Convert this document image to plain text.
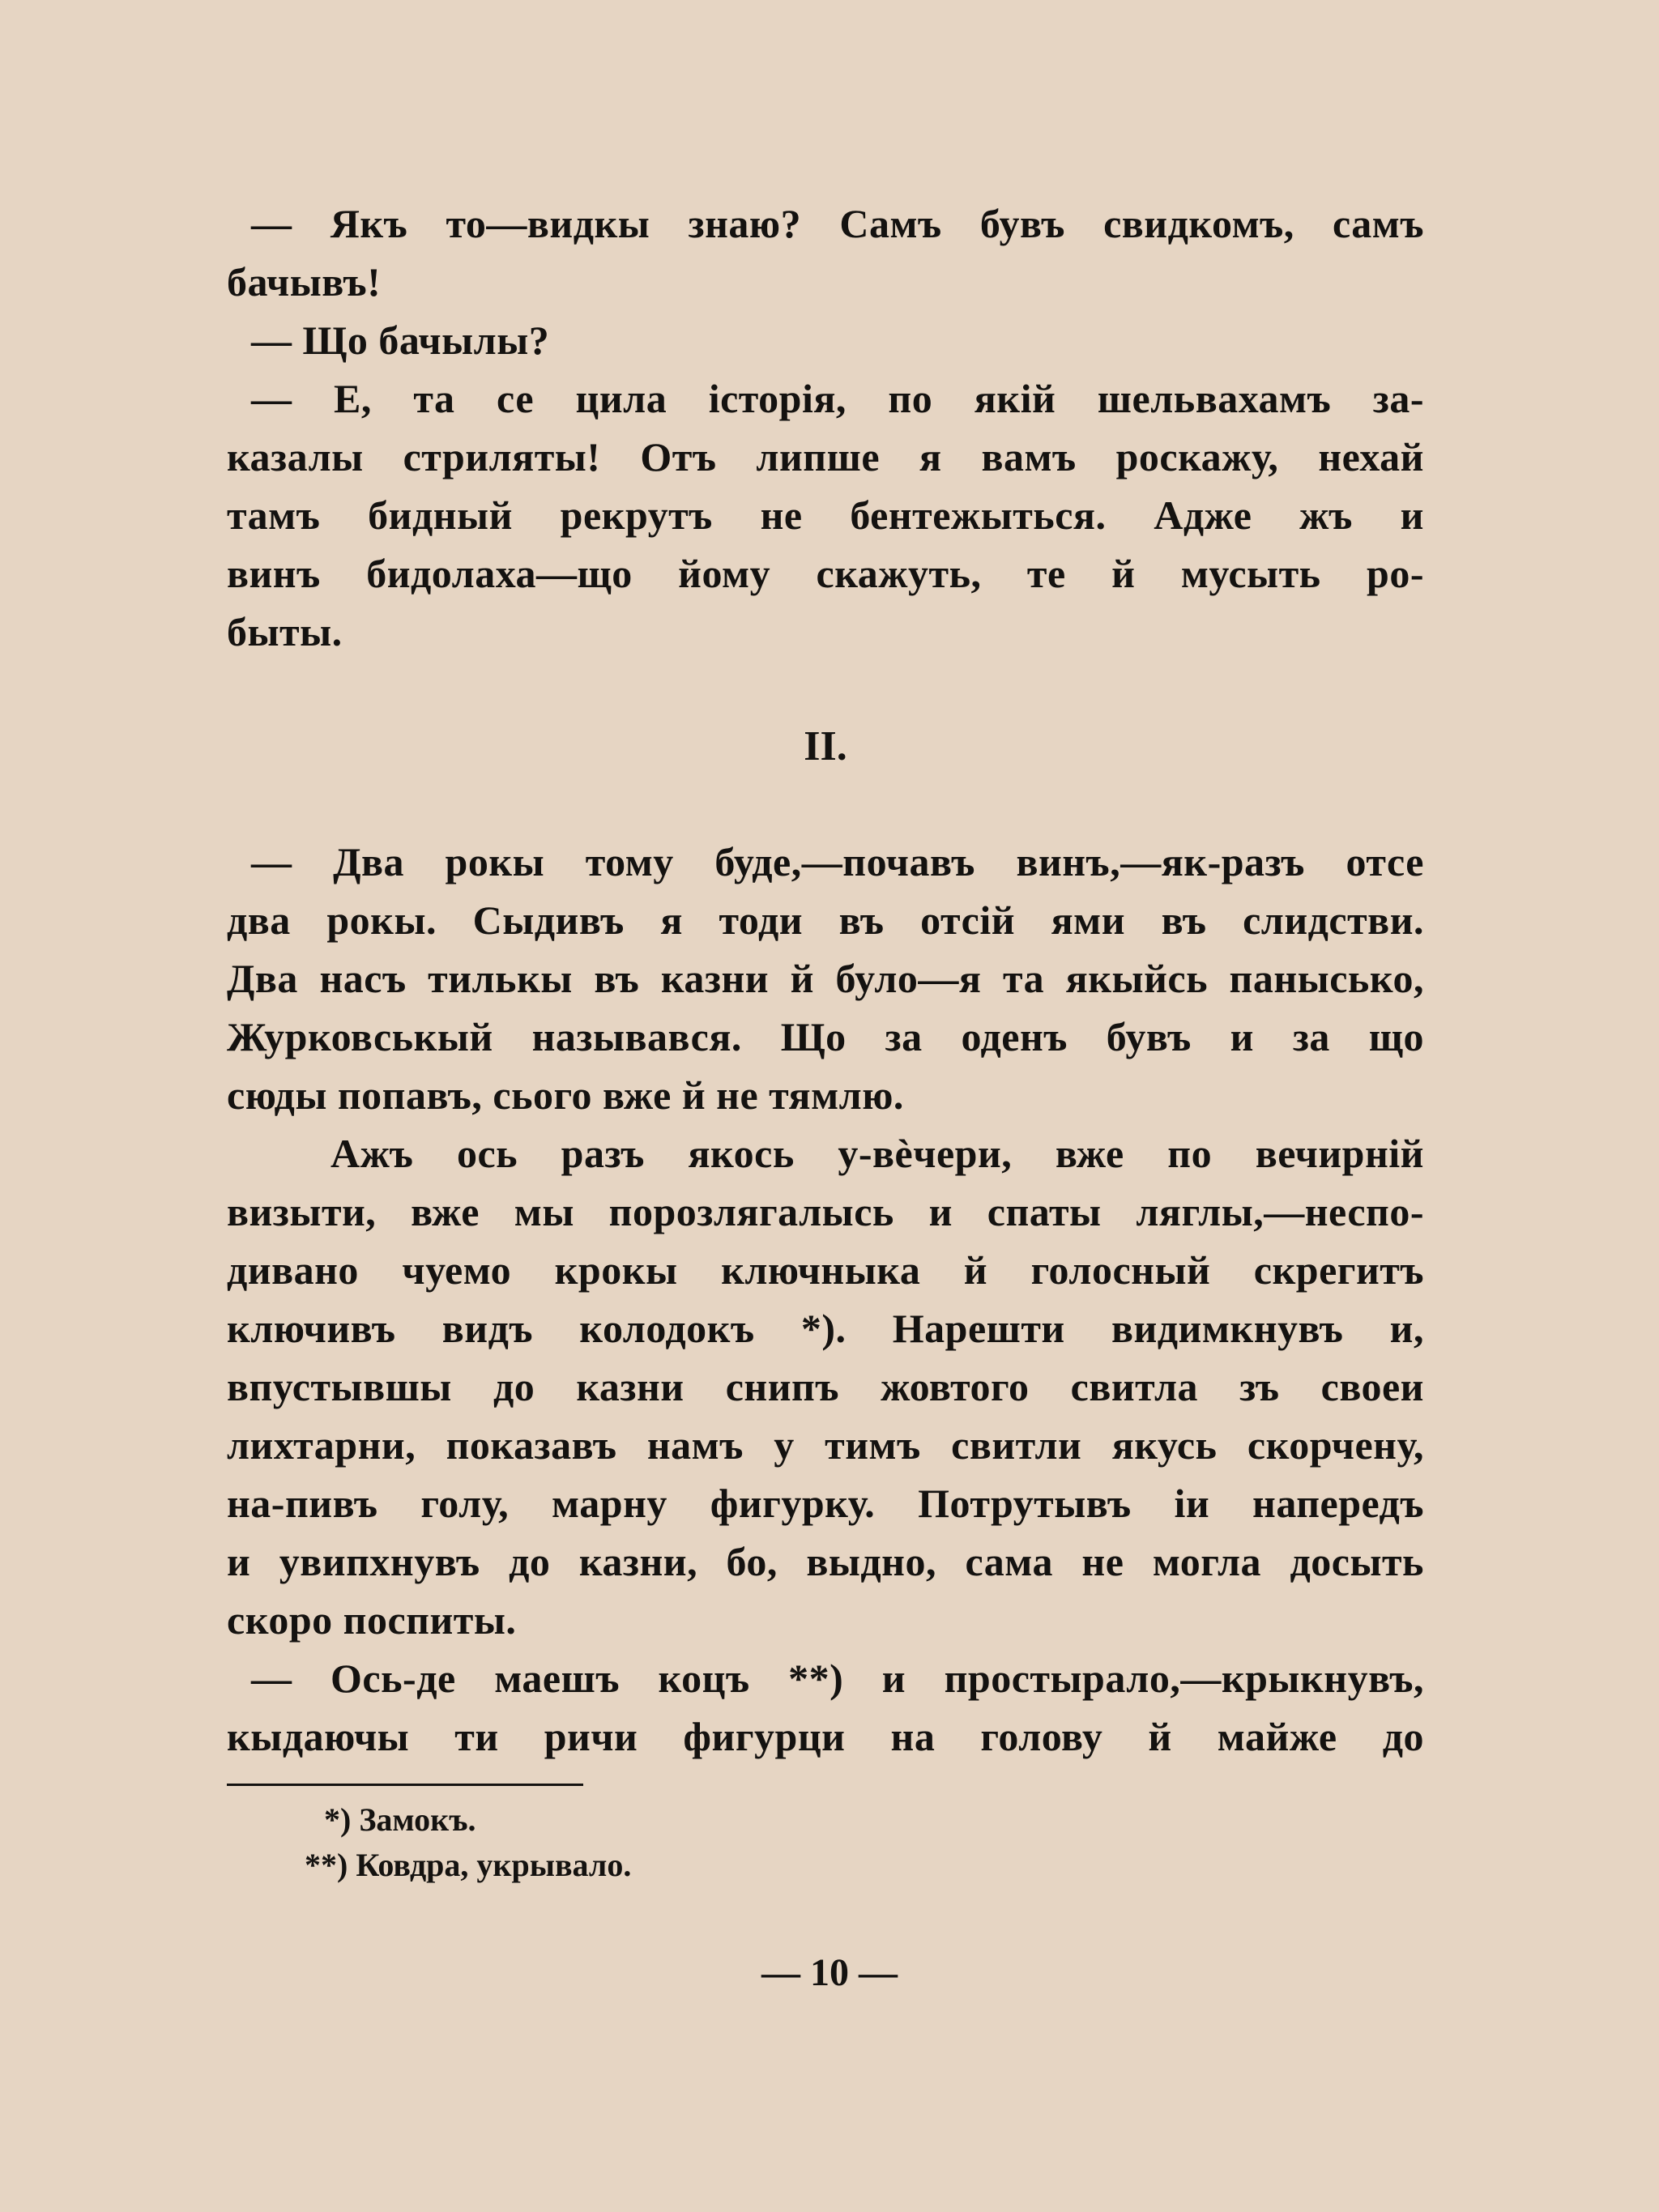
— Якъ то—видкы знаю? Самъ бувъ свидкомъ, самъ
бачывъ!
— Що бачылы?
— Е, та се цила історія, по якій шельвахамъ за-
казалы стриляты! Отъ липше я вамъ роскажу, нехай
тамъ бидный рекрутъ не бентежыться. Адже жъ и
винъ бидолаха—що йому скажуть, те й мусыть ро-
быты.
II.
— Два рокы тому буде,—почавъ винъ,—як-разъ отсе
два рокы. Сыдивъ я тоди въ отсій ями въ слидстви.
Два насъ тилькы въ казни й було—я та якыйсь панысько,
Журковськый назывався. Що за оденъ бувъ и за що
сюды попавъ, сього вже й не тямлю.
Ажъ ось разъ якось у-вѐчери, вже по вечирній
визыти, вже мы порозлягалысь и спаты ляглы,—неспо-
дивано чуемо крокы ключныка й голосный скрегитъ
ключивъ видъ колодокъ *). Нарешти видимкнувъ и,
впустывшы до казни снипъ жовтого свитла зъ своеи
лихтарни, показавъ намъ у тимъ свитли якусь скорчену,
на-пивъ голу, марну фигурку. Потрутывъ іи напередъ
и увипхнувъ до казни, бо, выдно, сама не могла досыть
скоро поспиты.
— Ось-де маешъ коцъ **) и простырало,—крыкнувъ,
кыдаючы ти ричи фигурци на голову й майже до
*) Замокъ.
**) Ковдра, укрывало.
— 10 —
